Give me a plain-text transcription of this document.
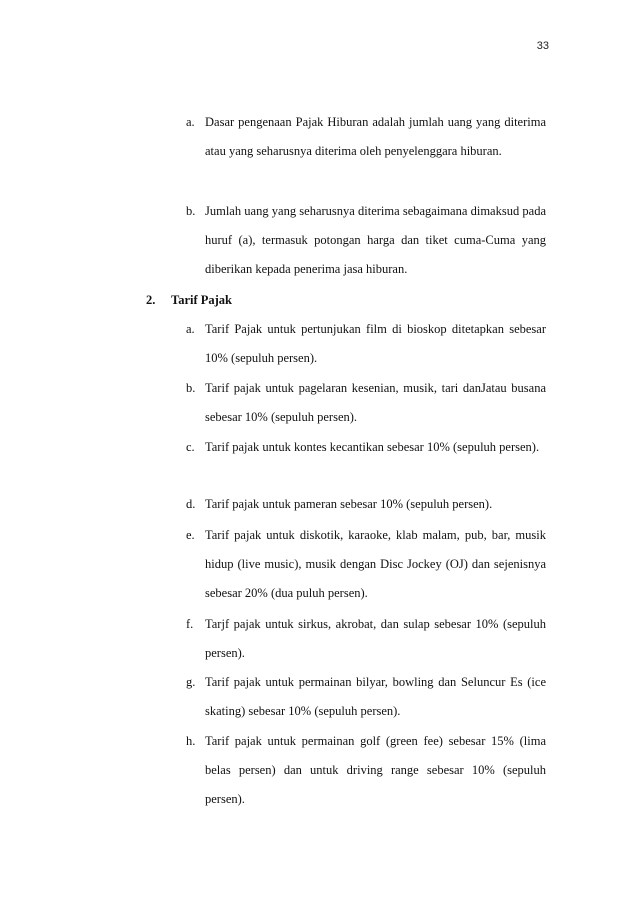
33
a. Dasar pengenaan Pajak Hiburan adalah jumlah uang yang diterima atau yang seharusnya diterima oleh penyelenggara hiburan.
b. Jumlah uang yang seharusnya diterima sebagaimana dimaksud pada huruf (a), termasuk potongan harga dan tiket cuma-Cuma yang diberikan kepada penerima jasa hiburan.
2. Tarif Pajak
a. Tarif Pajak untuk pertunjukan film di bioskop ditetapkan sebesar 10% (sepuluh persen).
b. Tarif pajak untuk pagelaran kesenian, musik, tari danJatau busana sebesar 10% (sepuluh persen).
c. Tarif pajak untuk kontes kecantikan sebesar 10% (sepuluh persen).
d. Tarif pajak untuk pameran sebesar 10% (sepuluh persen).
e. Tarif pajak untuk diskotik, karaoke, klab malam, pub, bar, musik hidup (live music), musik dengan Disc Jockey (OJ) dan sejenisnya sebesar 20% (dua puluh persen).
f. Tarjf pajak untuk sirkus, akrobat, dan sulap sebesar 10% (sepuluh persen).
g. Tarif pajak untuk permainan bilyar, bowling dan Seluncur Es (ice skating) sebesar 10% (sepuluh persen).
h. Tarif pajak untuk permainan golf (green fee) sebesar 15% (lima belas persen) dan untuk driving range sebesar 10% (sepuluh persen).
